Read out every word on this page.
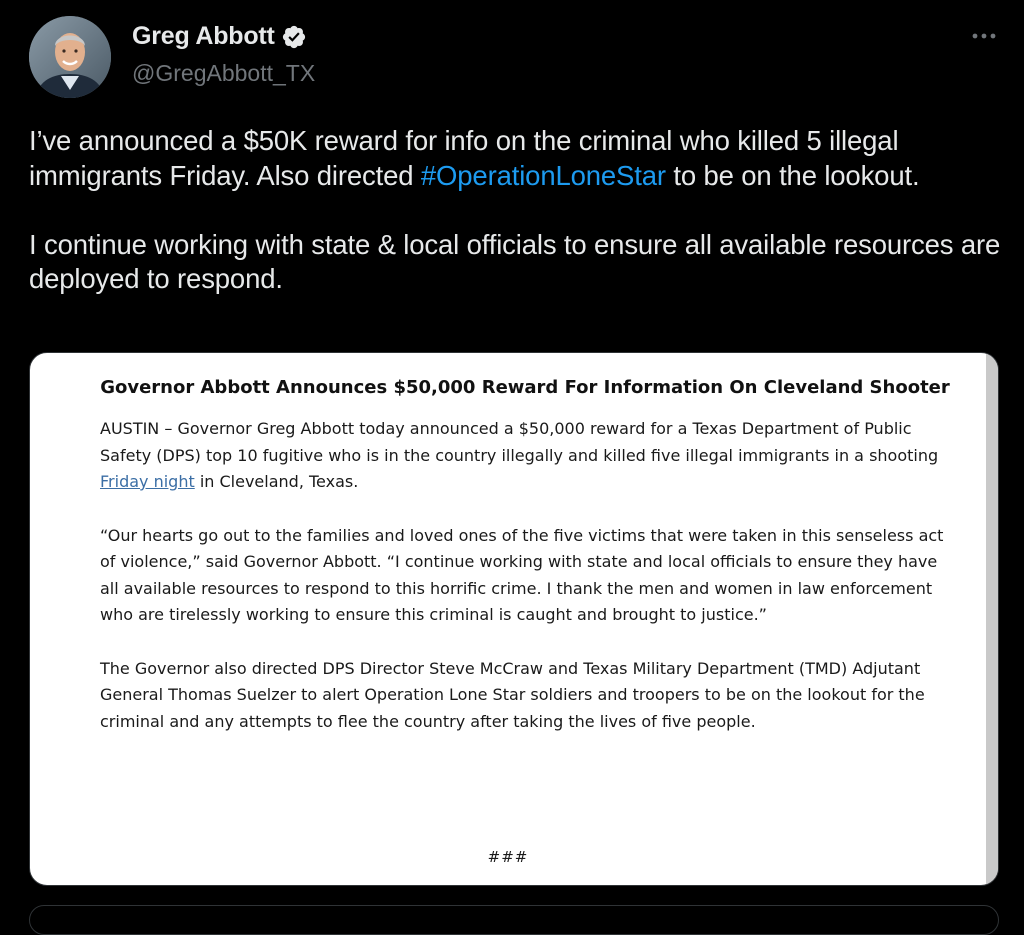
Greg Abbott
@GregAbbott_TX

I’ve announced a $50K reward for info on the criminal who killed 5 illegal immigrants Friday. Also directed #OperationLoneStar to be on the lookout.

I continue working with state & local officials to ensure all available resources are deployed to respond.

Governor Abbott Announces $50,000 Reward For Information On Cleveland Shooter

AUSTIN – Governor Greg Abbott today announced a $50,000 reward for a Texas Department of Public Safety (DPS) top 10 fugitive who is in the country illegally and killed five illegal immigrants in a shooting Friday night in Cleveland, Texas.

“Our hearts go out to the families and loved ones of the five victims that were taken in this senseless act of violence,” said Governor Abbott. “I continue working with state and local officials to ensure they have all available resources to respond to this horrific crime. I thank the men and women in law enforcement who are tirelessly working to ensure this criminal is caught and brought to justice.”

The Governor also directed DPS Director Steve McCraw and Texas Military Department (TMD) Adjutant General Thomas Suelzer to alert Operation Lone Star soldiers and troopers to be on the lookout for the criminal and any attempts to flee the country after taking the lives of five people.

###
